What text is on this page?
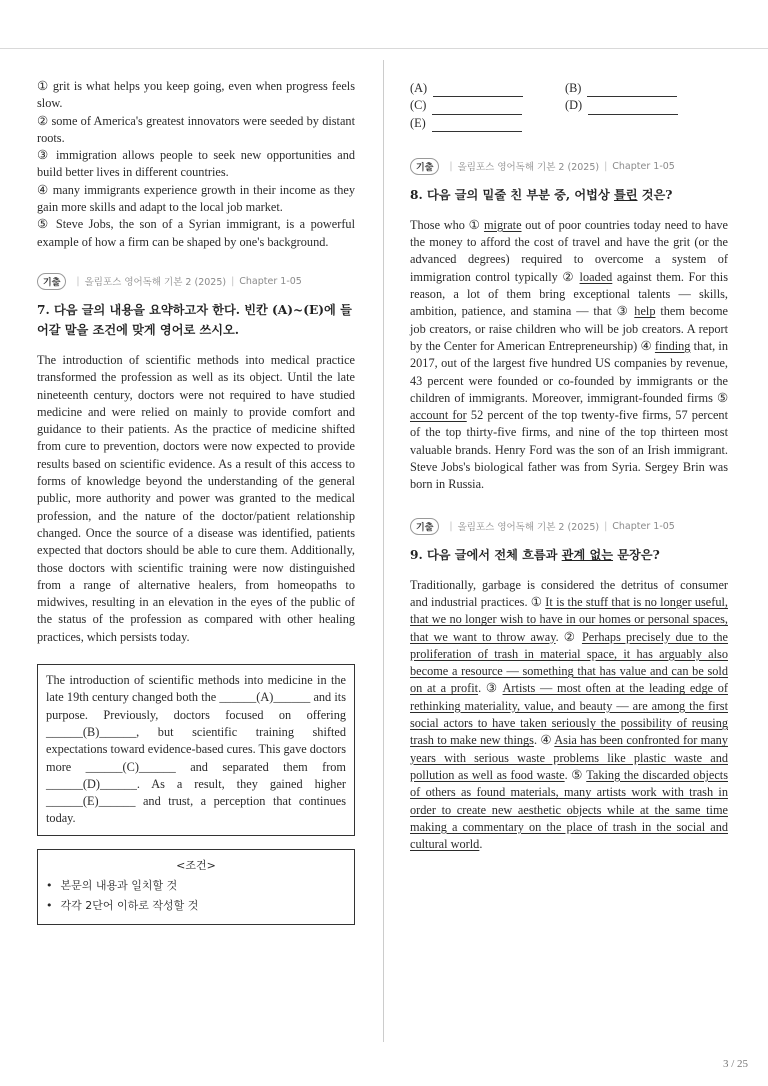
① grit is what helps you keep going, even when progress feels slow.

② some of America's greatest innovators were seeded by distant roots.

③ immigration allows people to seek new opportunities and build better lives in different countries.

④ many immigrants experience growth in their income as they gain more skills and adapt to the local job market.

⑤ Steve Jobs, the son of a Syrian immigrant, is a powerful example of how a firm can be shaped by one's background.

기출	| 올림포스 영어독해 기본 2 (2025) | Chapter 1-05
7. 다음 글의 내용을 요약하고자 한다. 빈칸 (A)~(E)에 들어갈 말을 조건에 맞게 영어로 쓰시오.

The introduction of scientific methods into medical practice transformed the profession as well as its object. Until the late nineteenth century, doctors were not required to have studied medicine and were relied on mainly to provide comfort and guidance to their patients. As the practice of medicine shifted from cure to prevention, doctors were now expected to provide results based on scientific evidence. As a result of this access to forms of knowledge beyond the understanding of the general public, more authority and power was granted to the medical profession, and the nature of the doctor/patient relationship changed. Once the source of a disease was identified, patients expected that doctors should be able to cure them. Additionally, those doctors with scientific training were now distinguished from a range of alternative healers, from homeopaths to midwives, resulting in an elevation in the eyes of the public of the status of the profession as compared with other healing practices, which persists today.

The introduction of scientific methods into medicine in the late 19th century changed both the ______(A)______ and its purpose. Previously, doctors focused on offering ______(B)______, but scientific training shifted expectations toward evidence-based cures. This gave doctors more ______(C)______ and separated them from ______(D)______. As a result, they gained higher ______(E)______ and trust, a perception that continues today.
<조건>
• 본문의 내용과 일치할 것
• 각각 2단어 이하로 작성할 것
(A)	(B)
(C)	(D)
(E)
기출	| 올림포스 영어독해 기본 2 (2025) | Chapter 1-05
8. 다음 글의 밑줄 친 부분 중, 어법상 틀린 것은?

Those who ① migrate out of poor countries today need to have the money to afford the cost of travel and have the grit (or the advanced degrees) required to overcome a system of immigration control typically ② loaded against them. For this reason, a lot of them bring exceptional talents — skills, ambition, patience, and stamina — that ③ help them become job creators, or raise children who will be job creators. A report by the Center for American Entrepreneurship) ④ finding that, in 2017, out of the largest five hundred US companies by revenue, 43 percent were founded or co-founded by immigrants or the children of immigrants. Moreover, immigrant-founded firms ⑤ account for 52 percent of the top twenty-five firms, 57 percent of the top thirty-five firms, and nine of the top thirteen most valuable brands. Henry Ford was the son of an Irish immigrant. Steve Jobs's biological father was from Syria. Sergey Brin was born in Russia.

기출	| 올림포스 영어독해 기본 2 (2025) | Chapter 1-05
9. 다음 글에서 전체 흐름과 관계 없는 문장은?

Traditionally, garbage is considered the detritus of consumer and industrial practices. ① It is the stuff that is no longer useful, that we no longer wish to have in our homes or personal spaces, that we want to throw away. ② Perhaps precisely due to the proliferation of trash in material space, it has arguably also become a resource — something that has value and can be sold on at a profit. ③ Artists — most often at the leading edge of rethinking materiality, value, and beauty — are among the first social actors to have taken seriously the possibility of reusing trash to make new things. ④ Asia has been confronted for many years with serious waste problems like plastic waste and pollution as well as food waste. ⑤ Taking the discarded objects of others as found materials, many artists work with trash in order to create new aesthetic objects while at the same time making a commentary on the place of trash in the social and cultural world.

3 / 25
